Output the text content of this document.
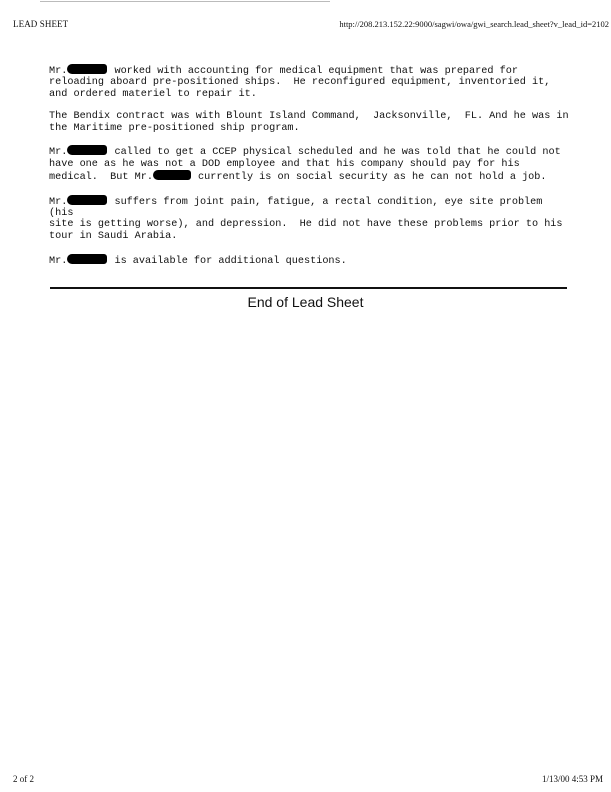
LEAD SHEET	http://208.213.152.22:9000/sagwi/owa/gwi_search.lead_sheet?v_lead_id=2102

Mr.	worked with accounting for medical equipment that was prepared for
reloading aboard pre-positioned ships.  He reconfigured equipment, inventoried it,
and ordered materiel to repair it.

The Bendix contract was with Blount Island Command,  Jacksonville,  FL. And he was in
the Maritime pre-positioned ship program.

Mr.	called to get a CCEP physical scheduled and he was told that he could not
have one as he was not a DOD employee and that his company should pay for his
medical.  But Mr.	currently is on social security as he can not hold a job.

Mr.	suffers from joint pain, fatigue, a rectal condition, eye site problem (his
site is getting worse), and depression.  He did not have these problems prior to his
tour in Saudi Arabia.

Mr.	is available for additional questions.

End of Lead Sheet
2 of 2	1/13/00 4:53 PM
